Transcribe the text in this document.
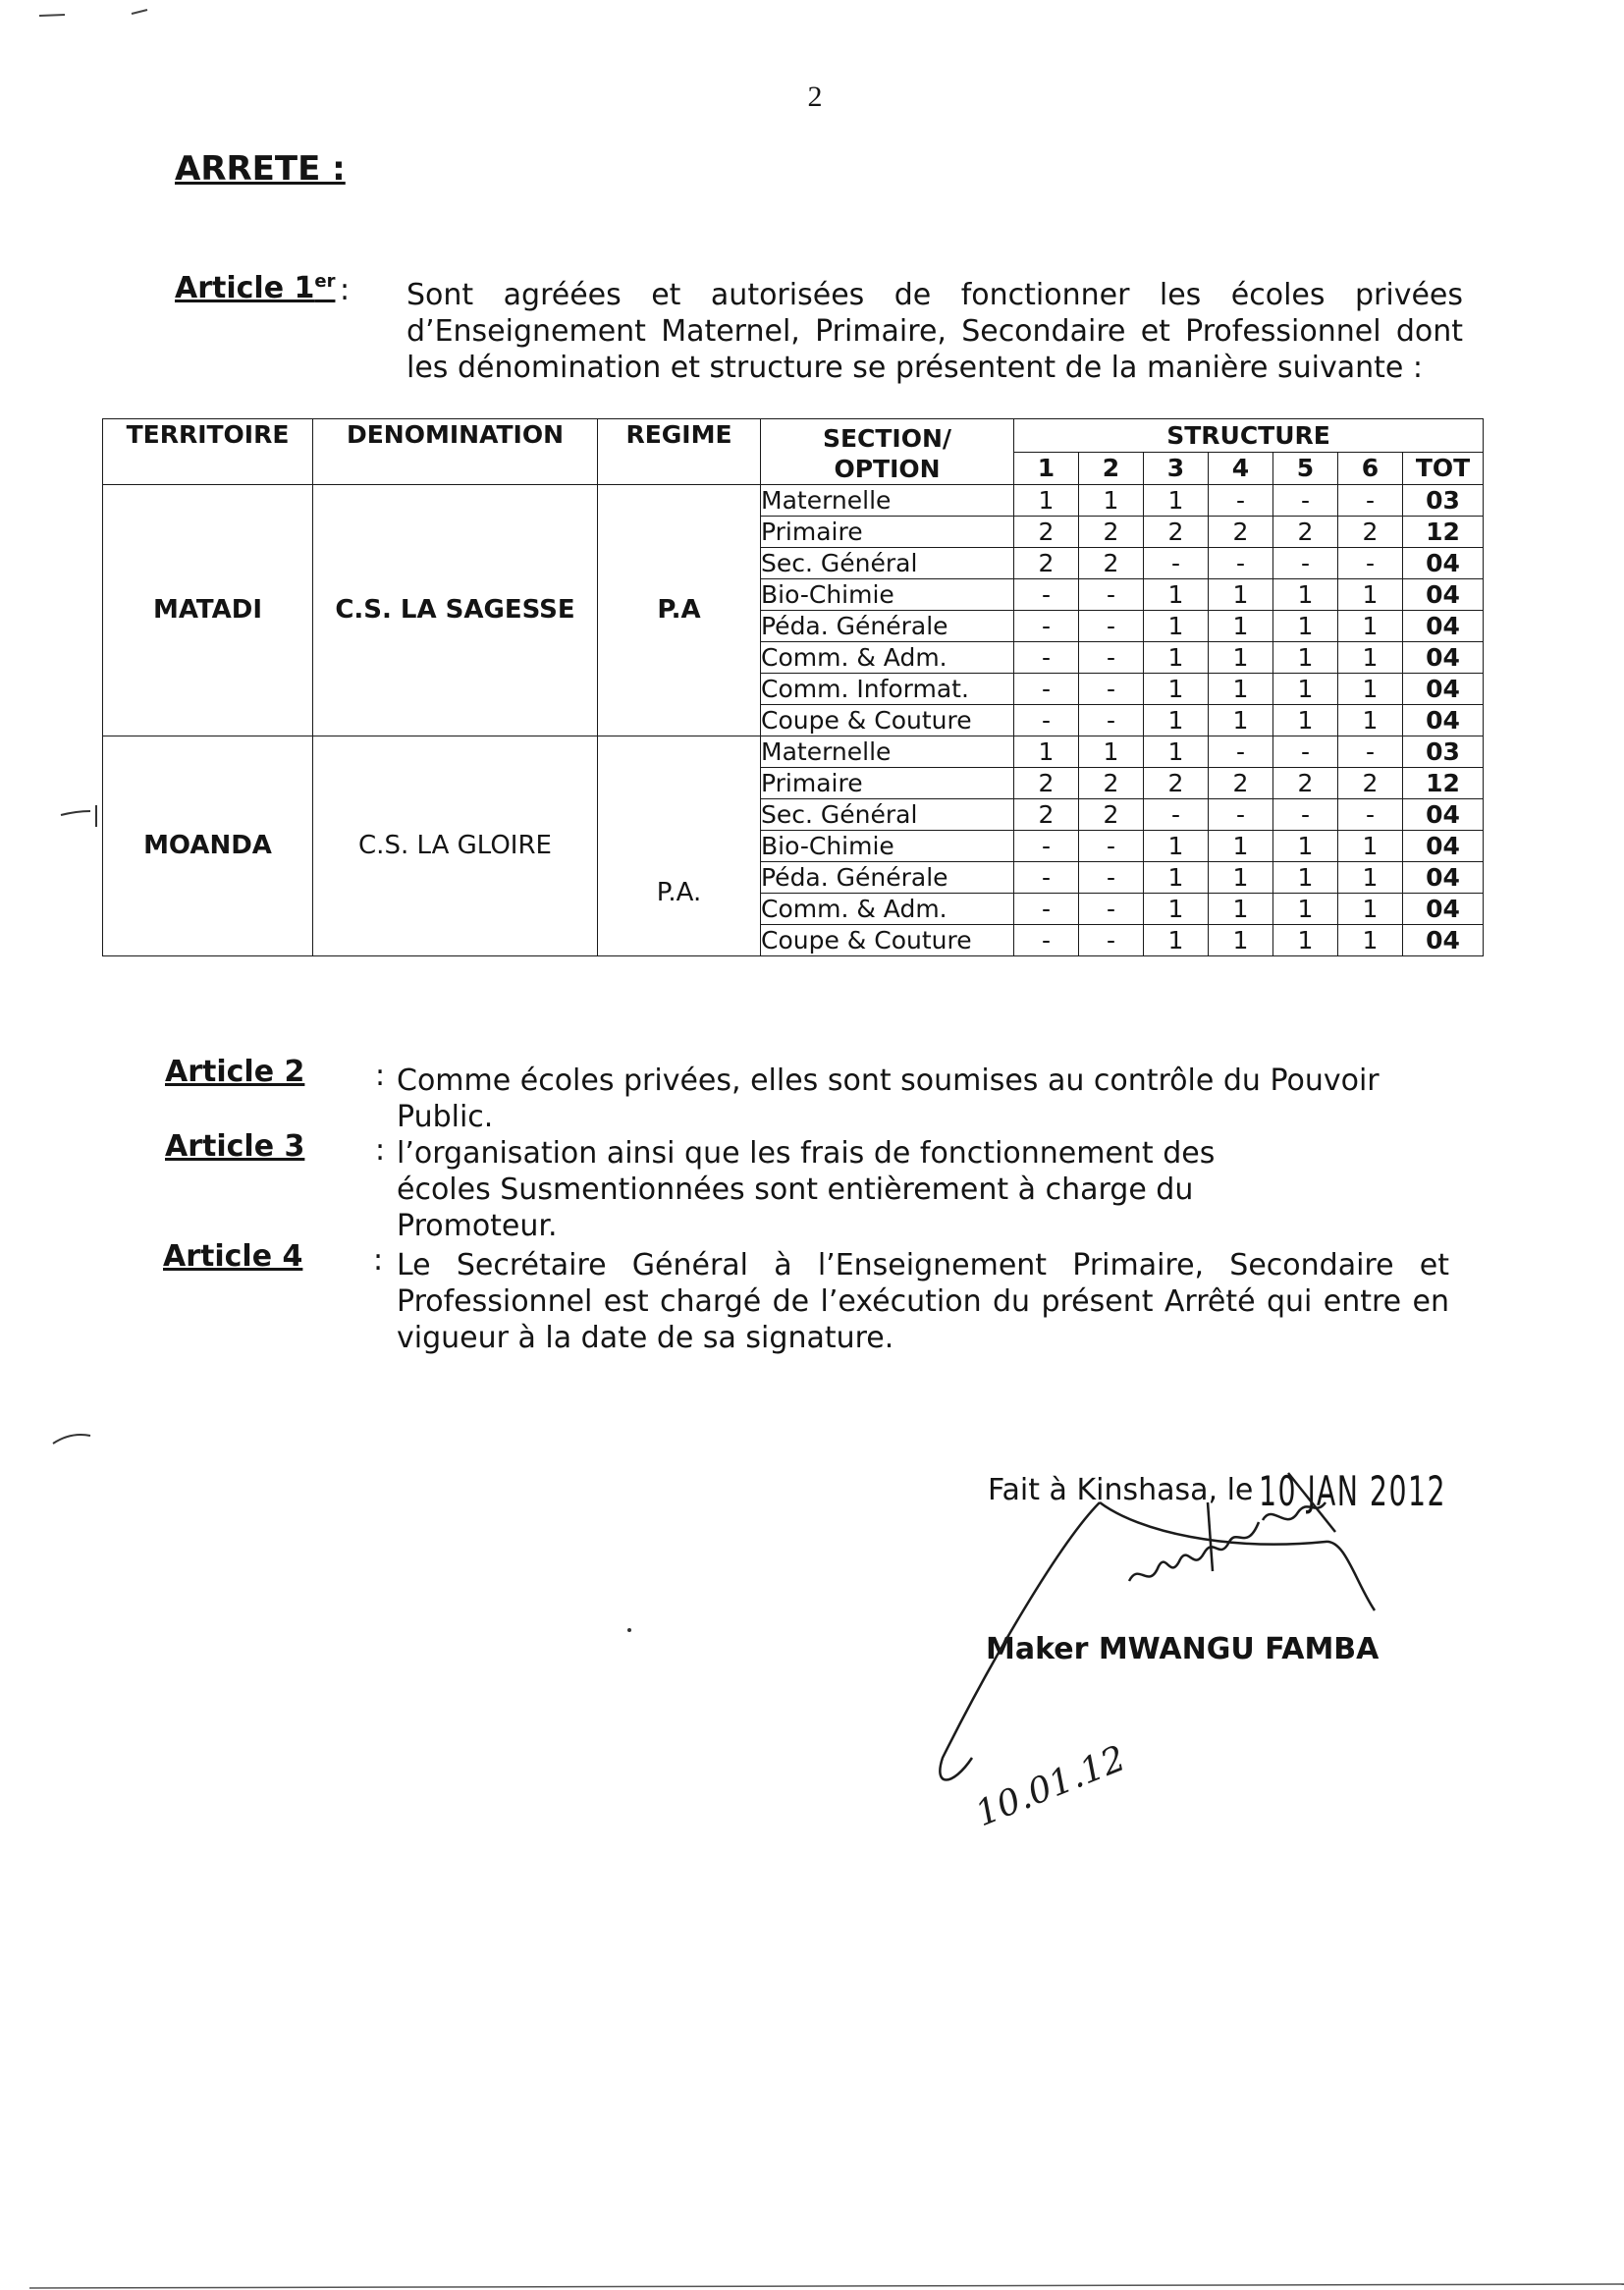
2
ARRETE :
Article 1er : Sont agréées et autorisées de fonctionner les écoles privées d’Enseignement Maternel, Primaire, Secondaire et Professionnel dont les dénomination et structure se présentent de la manière suivante :
TERRITOIRE	DENOMINATION	REGIME	SECTION/ OPTION	STRUCTURE						
				1	2	3	4	5	6	TOT
MATADI	C.S. LA SAGESSE	P.A	Maternelle	1	1	1	-	-	-	03
			Primaire	2	2	2	2	2	2	12
			Sec. Général	2	2	-	-	-	-	04
			Bio-Chimie	-	-	1	1	1	1	04
			Péda. Générale	-	-	1	1	1	1	04
			Comm. & Adm.	-	-	1	1	1	1	04
			Comm. Informat.	-	-	1	1	1	1	04
			Coupe & Couture	-	-	1	1	1	1	04
MOANDA	C.S. LA GLOIRE	P.A.	Maternelle	1	1	1	-	-	-	03
			Primaire	2	2	2	2	2	2	12
			Sec. Général	2	2	-	-	-	-	04
			Bio-Chimie	-	-	1	1	1	1	04
			Péda. Générale	-	-	1	1	1	1	04
			Comm. & Adm.	-	-	1	1	1	1	04
			Coupe & Couture	-	-	1	1	1	1	04
Article 2 : Comme écoles privées, elles sont soumises au contrôle du Pouvoir Public.
Article 3 : l’organisation ainsi que les frais de fonctionnement des écoles Susmentionnées sont entièrement à charge du Promoteur.
Article 4 : Le Secrétaire Général à l’Enseignement Primaire, Secondaire et Professionnel est chargé de l’exécution du présent Arrêté qui entre en vigueur à la date de sa signature.
Fait à Kinshasa, le 10 JAN 2012
Maker MWANGU FAMBA
10.01.12
